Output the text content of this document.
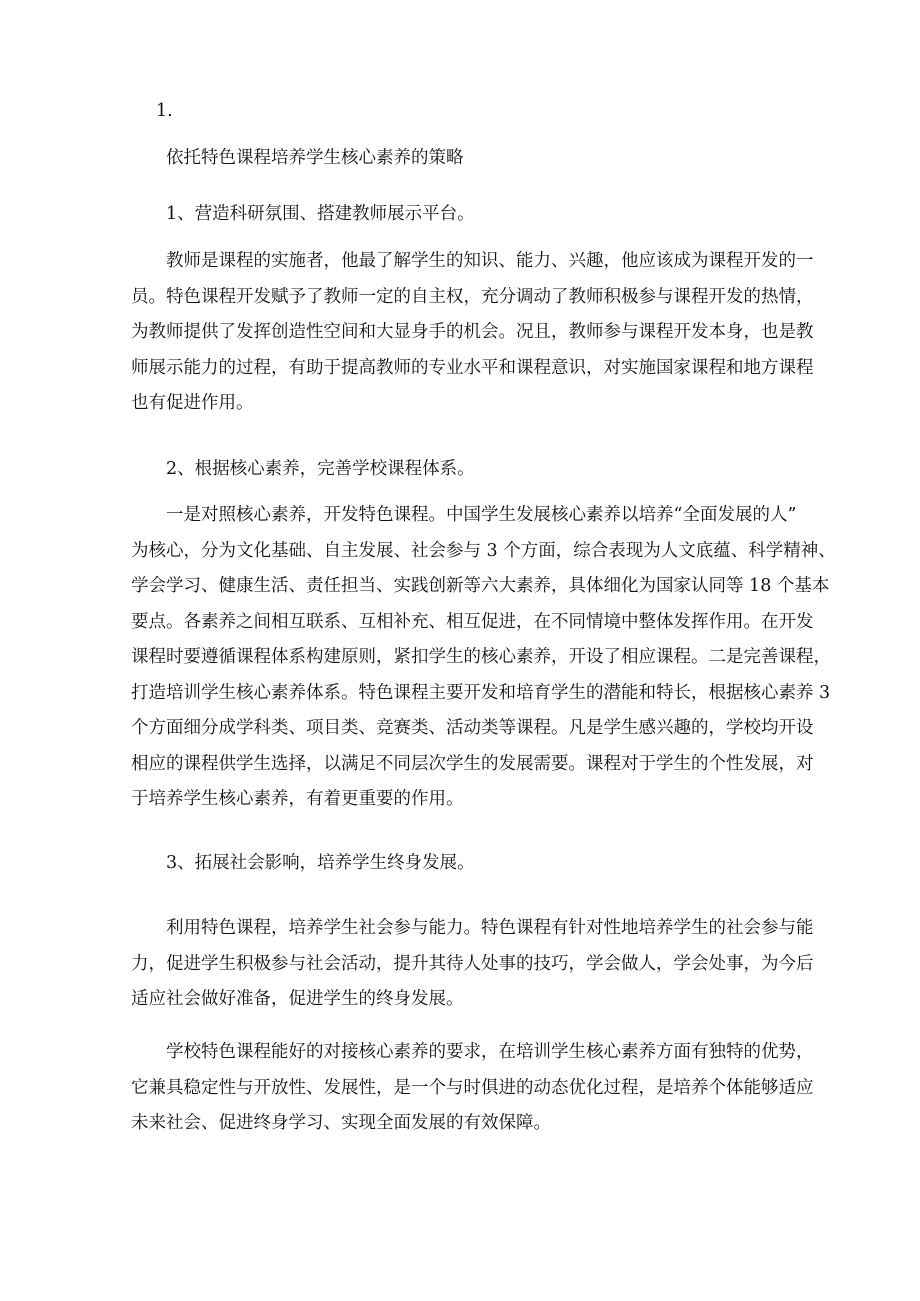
1.
依托特色课程培养学生核心素养的策略
1、营造科研氛围、搭建教师展示平台。
教师是课程的实施者，他最了解学生的知识、能力、兴趣，他应该成为课程开发的一
员。特色课程开发赋予了教师一定的自主权，充分调动了教师积极参与课程开发的热情，
为教师提供了发挥创造性空间和大显身手的机会。况且，教师参与课程开发本身，也是教
师展示能力的过程，有助于提高教师的专业水平和课程意识，对实施国家课程和地方课程
也有促进作用。
2、根据核心素养，完善学校课程体系。
一是对照核心素养，开发特色课程。中国学生发展核心素养以培养“全面发展的人”
为核心，分为文化基础、自主发展、社会参与 3 个方面，综合表现为人文底蕴、科学精神、
学会学习、健康生活、责任担当、实践创新等六大素养，具体细化为国家认同等 18 个基本
要点。各素养之间相互联系、互相补充、相互促进，在不同情境中整体发挥作用。在开发
课程时要遵循课程体系构建原则，紧扣学生的核心素养，开设了相应课程。二是完善课程，
打造培训学生核心素养体系。特色课程主要开发和培育学生的潜能和特长，根据核心素养 3
个方面细分成学科类、项目类、竞赛类、活动类等课程。凡是学生感兴趣的，学校均开设
相应的课程供学生选择，以满足不同层次学生的发展需要。课程对于学生的个性发展，对
于培养学生核心素养，有着更重要的作用。
3、拓展社会影响，培养学生终身发展。
利用特色课程，培养学生社会参与能力。特色课程有针对性地培养学生的社会参与能
力，促进学生积极参与社会活动，提升其待人处事的技巧，学会做人，学会处事，为今后
适应社会做好准备，促进学生的终身发展。
学校特色课程能好的对接核心素养的要求，在培训学生核心素养方面有独特的优势，
它兼具稳定性与开放性、发展性，是一个与时俱进的动态优化过程，是培养个体能够适应
未来社会、促进终身学习、实现全面发展的有效保障。
